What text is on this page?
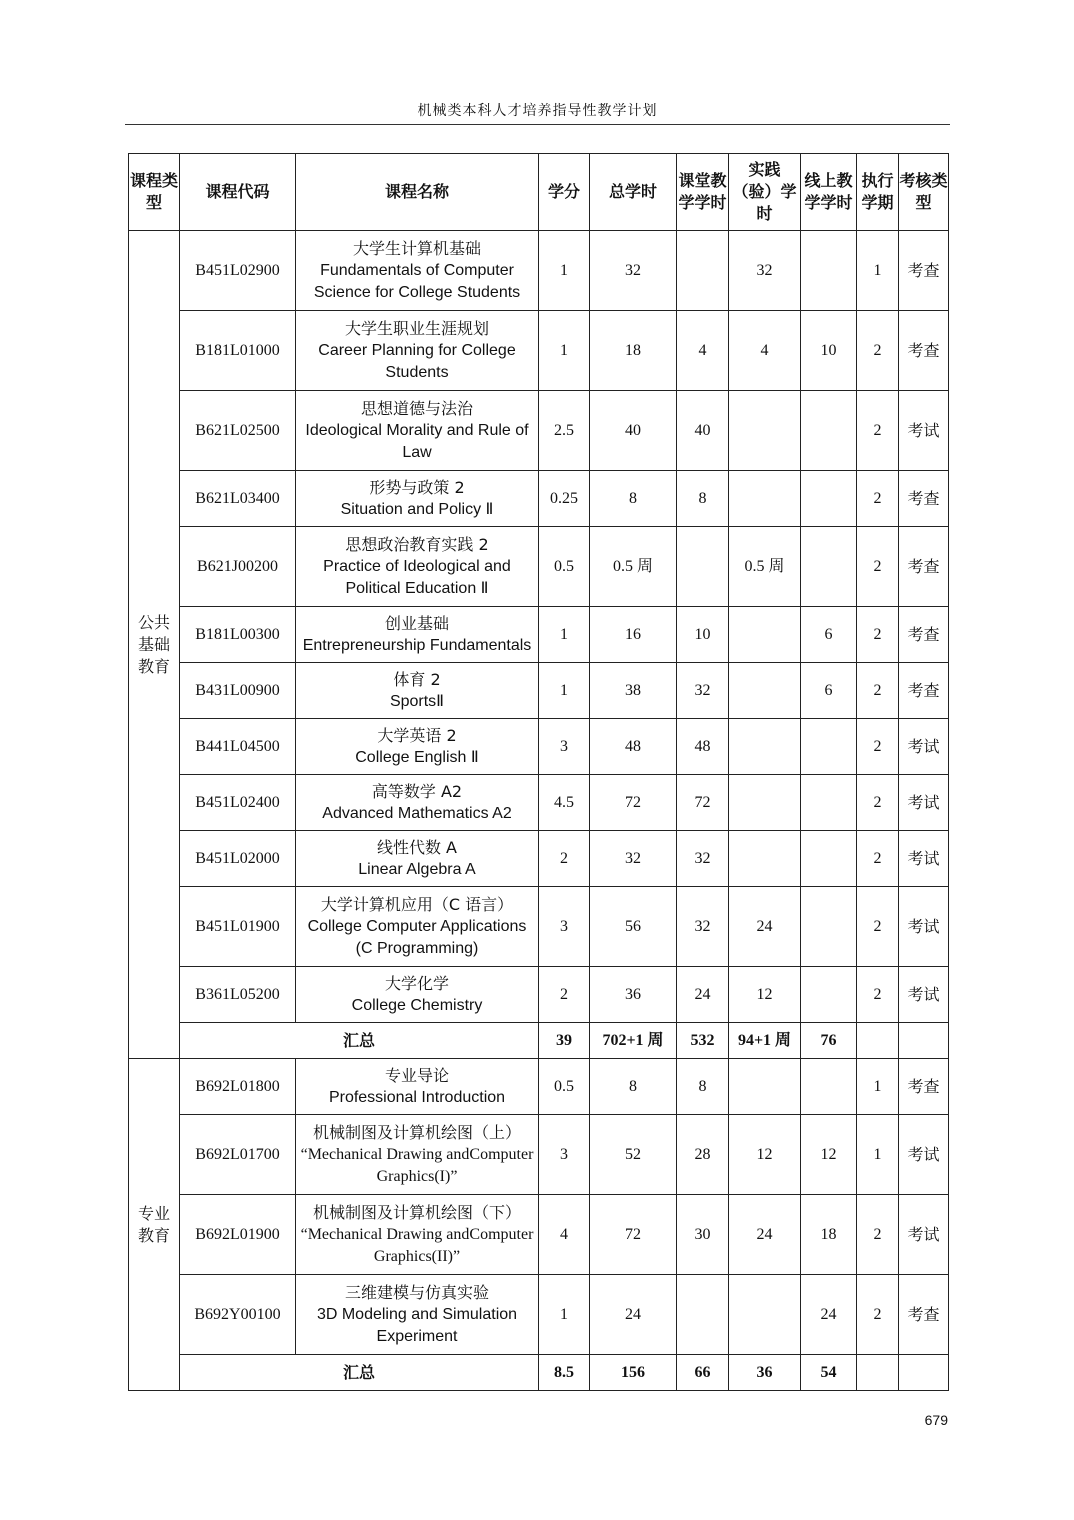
机械类本科人才培养指导性教学计划
课程类型	课程代码	课程名称	学分	总学时	课堂教学学时	实践（验）学时	线上教学学时	执行学期	考核类型
公共基础教育	B451L02900	大学生计算机基础
Fundamentals of Computer Science for College Students	1	32		32		1	考查
	B181L01000	大学生职业生涯规划
Career Planning for College Students	1	18	4	4	10	2	考查
	B621L02500	思想道德与法治
Ideological Morality and Rule of Law	2.5	40	40			2	考试
	B621L03400	形势与政策 2
Situation and Policy Ⅱ	0.25	8	8			2	考查
	B621J00200	思想政治教育实践 2
Practice of Ideological and Political Education Ⅱ	0.5	0.5 周		0.5 周		2	考查
	B181L00300	创业基础
Entrepreneurship Fundamentals	1	16	10		6	2	考查
	B431L00900	体育 2
SportsⅡ	1	38	32		6	2	考查
	B441L04500	大学英语 2
College English Ⅱ	3	48	48			2	考试
	B451L02400	高等数学 A2
Advanced Mathematics A2	4.5	72	72			2	考试
	B451L02000	线性代数 A
Linear Algebra A	2	32	32			2	考试
	B451L01900	大学计算机应用（C 语言）
College Computer Applications (C Programming)	3	56	32	24		2	考试
	B361L05200	大学化学
College Chemistry	2	36	24	12		2	考试
	汇总		39	702+1 周	532	94+1 周	76		
专业教育	B692L01800	专业导论
Professional Introduction	0.5	8	8			1	考查
	B692L01700	机械制图及计算机绘图（上）
“Mechanical Drawing andComputer Graphics(I)”	3	52	28	12	12	1	考试
	B692L01900	机械制图及计算机绘图（下）
“Mechanical Drawing andComputer Graphics(II)”	4	72	30	24	18	2	考试
	B692Y00100	三维建模与仿真实验
3D Modeling and Simulation Experiment	1	24			24	2	考查
	汇总		8.5	156	66	36	54		
679
